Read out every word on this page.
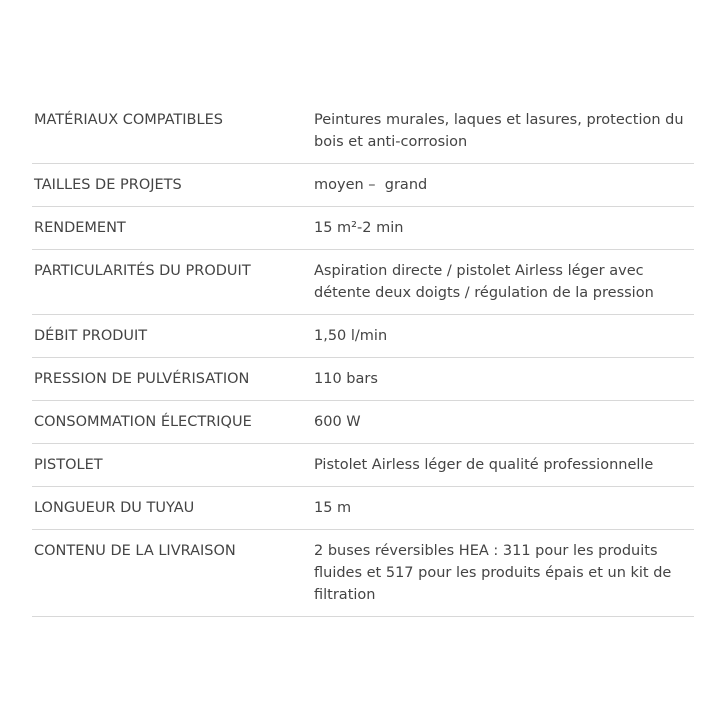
MATÉRIAUX COMPATIBLES	Peintures murales, laques et lasures, protection du bois et anti-corrosion
TAILLES DE PROJETS	moyen –  grand
RENDEMENT	15 m²-2 min
PARTICULARITÉS DU PRODUIT	Aspiration directe / pistolet Airless léger avec détente deux doigts / régulation de la pression
DÉBIT PRODUIT	1,50 l/min
PRESSION DE PULVÉRISATION	110 bars
CONSOMMATION ÉLECTRIQUE	600 W
PISTOLET	Pistolet Airless léger de qualité professionnelle
LONGUEUR DU TUYAU	15 m
CONTENU DE LA LIVRAISON	2 buses réversibles HEA : 311 pour les produits fluides et 517 pour les produits épais et un kit de filtration
